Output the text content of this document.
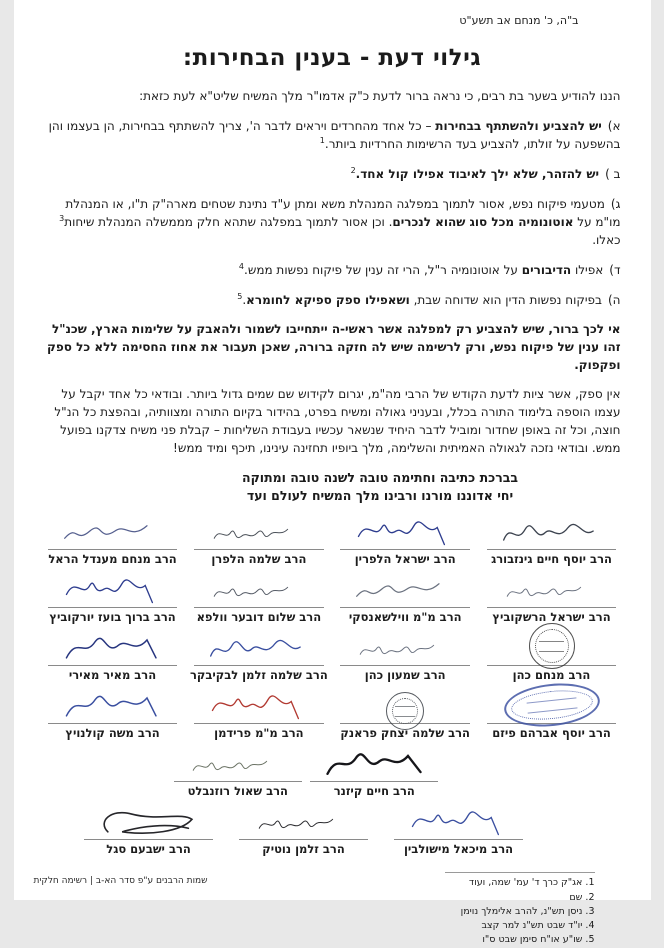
ב"ה, כ' מנחם אב תשע"ט
גילוי דעת - בענין הבחירות:

הננו להודיע בשער בת רבים, כי נראה ברור לדעת כ"ק אדמו"ר מלך המשיח שליט"א לעת כזאת:

א)יש להצביע ולהשתתף בבחירות – כל אחד מהחרדים ויראים לדבר ה', צריך להשתתף בבחירות, הן בעצמו והן בהשפעה על זולתו, להצביע בעד הרשימות החרדיות ביותר.$^1$
ב )יש להזהר, שלא ילך לאיבוד אפילו קול אחד.$^2$
ג)מטעמי פיקוח נפש, אסור לתמוך במפלגה המנהלת משא ומתן ע"ד נתינת שטחים מארה"ק ת"ו, או המנהלת מו"מ על אוטונומיה מכל סוג שהוא לנכרים. וכן אסור לתמוך במפלגה שתהא חלק מממשלה המנהלת שיחות$^3$ כאלו.
ד)אפילו הדיבורים על אוטונומיה ר"ל, הרי זה ענין של פיקוח נפשות ממש.$^4$
ה)בפיקוח נפשות הדין הוא שדוחה שבת, ושאפילו ספק ספיקא לחומרא.$^5$

אי לכך ברור, שיש להצביע רק למפלגה אשר ראשי-ה ייתחייבו לשמור ולהאבק על שלימות הארץ, שכנ"ל זהו ענין של פיקוח נפש, ורק לרשימה שיש לה חזקה ברורה, שאכן תעבור את אחוז החסימה ללא כל ספק ופקפוק.

אין ספק, אשר ציות לדעת הקודש של הרבי מה"מ, יגרום לקידוש שם שמים גדול ביותר. ובודאי כל אחד יקבל על עצמו הוספה בלימוד התורה בכלל, ובעניני גאולה ומשיח בפרט, בהידור בקיום התורה ומצוותיה, ובהפצת כל הנ"ל חוצה, וכל זה באופן שחדור ומוביל לדבר היחיד שנשאר עכשיו בעבודת השליחות – קבלת פני משיח צדקנו בפועל ממש. ובודאי נזכה לגאולה האמיתית והשלימה, מלך ביופיו תחזינה עינינו, תיכף ומיד ממש!

בברכת כתיבה וחתימה טובה לשנה טובה ומתוקה
יחי אדוננו מורנו ורבינו מלך המשיח לעולם ועד
הרב יוסף חיים גינזבורג
הרב ישראל הלפרין
הרב שלמה הלפרן
הרב מנחם מענדל הראל
הרב ישראל הרשקוביץ
הרב מ"מ ווילשאנסקי
הרב שלום דובער וולפא
הרב ברוך בועז יורקוביץ
הרב מנחם כהן
הרב שמעון כהן
הרב שלמה זלמן לבקיבקר
הרב מאיר מאירי
הרב יוסף אברהם פיזם
הרב שלמה יצחק פראנק
הרב מ"מ פרידמן
הרב משה קולנויץ
הרב חיים קיזנר
הרב שאול רוזנבלט
הרב מיכאל מישולבין
הרב זלמן נוטיק
הרב ישבעם סגל
1. אג"ק כרך ד' עמ' שמה, ועוד
2. שם
3. ניסן תש"נ, להרב אלימלך נוימן
4. יו"ד שבט תש"נ למר קצב
5. שו"ע או"ח סימן שבט ס"ו
שמות הרבנים ע"פ סדר הא-ב | רשימה חלקית
